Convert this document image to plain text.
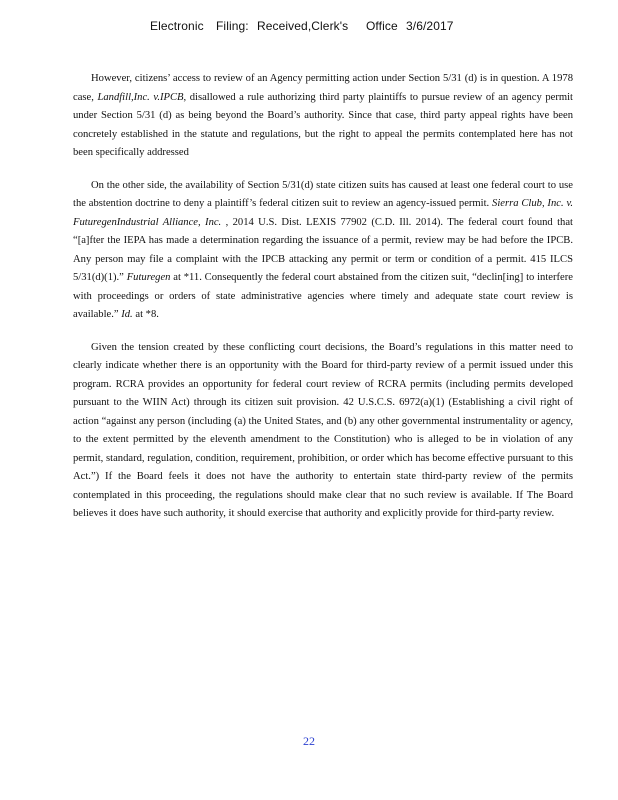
Electronic Filing: Received,Clerk's Office 3/6/2017

However, citizens’ access to review of an Agency permitting action under Section 5/31 (d) is in question. A 1978 case, Landfill,Inc. v.IPCB, disallowed a rule authorizing third party plaintiffs to pursue review of an agency permit under Section 5/31 (d) as being beyond the Board’s authority. Since that case, third party appeal rights have been concretely established in the statute and regulations, but the right to appeal the permits contemplated here has not been specifically addressed

On the other side, the availability of Section 5/31(d) state citizen suits has caused at least one federal court to use the abstention doctrine to deny a plaintiff’s federal citizen suit to review an agency-issued permit. Sierra Club, Inc. v. FuturegenIndustrial Alliance, Inc. , 2014 U.S. Dist. LEXIS 77902 (C.D. Ill. 2014). The federal court found that “[a]fter the IEPA has made a determination regarding the issuance of a permit, review may be had before the IPCB. Any person may file a complaint with the IPCB attacking any permit or term or condition of a permit. 415 ILCS 5/31(d)(1).” Futuregen at *11. Consequently the federal court abstained from the citizen suit, “declin[ing] to interfere with proceedings or orders of state administrative agencies where timely and adequate state court review is available.” Id. at *8.

Given the tension created by these conflicting court decisions, the Board’s regulations in this matter need to clearly indicate whether there is an opportunity with the Board for third-party review of a permit issued under this program. RCRA provides an opportunity for federal court review of RCRA permits (including permits developed pursuant to the WIIN Act) through its citizen suit provision. 42 U.S.C.S. 6972(a)(1) (Establishing a civil right of action “against any person (including (a) the United States, and (b) any other governmental instrumentality or agency, to the extent permitted by the eleventh amendment to the Constitution) who is alleged to be in violation of any permit, standard, regulation, condition, requirement, prohibition, or order which has become effective pursuant to this Act.”) If the Board feels it does not have the authority to entertain state third-party review of the permits contemplated in this proceeding, the regulations should make clear that no such review is available. If The Board believes it does have such authority, it should exercise that authority and explicitly provide for third-party review.

22
